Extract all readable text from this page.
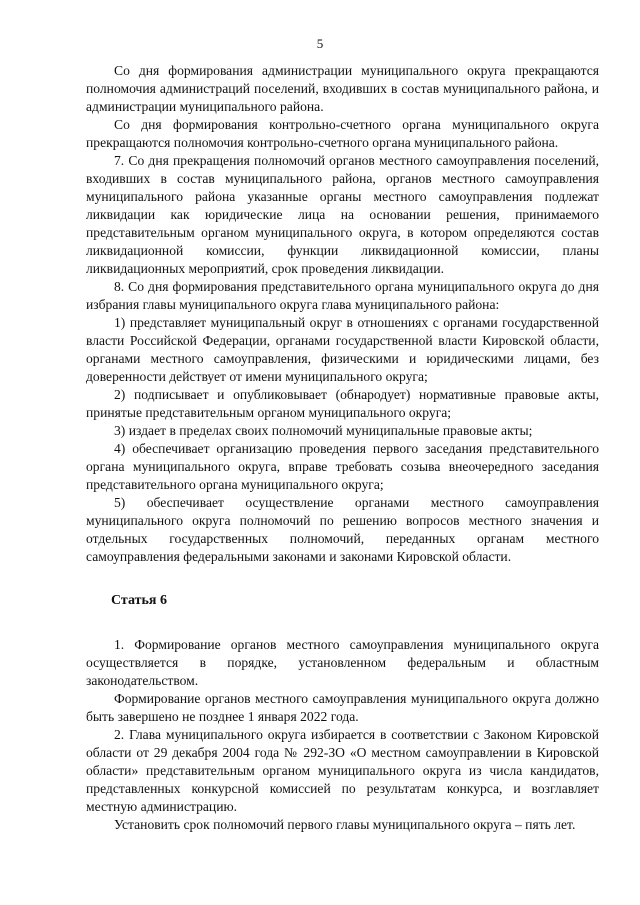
5

Со дня формирования администрации муниципального округа прекращаются полномочия администраций поселений, входивших в состав муниципального района, и администрации муниципального района.

Со дня формирования контрольно-счетного органа муниципального округа прекращаются полномочия контрольно-счетного органа муниципального района.

7. Со дня прекращения полномочий органов местного самоуправления поселений, входивших в состав муниципального района, органов местного самоуправления муниципального района указанные органы местного самоуправления подлежат ликвидации как юридические лица на основании решения, принимаемого представительным органом муниципального округа, в котором определяются состав ликвидационной комиссии, функции ликвидационной комиссии, планы ликвидационных мероприятий, срок проведения ликвидации.

8. Со дня формирования представительного органа муниципального округа до дня избрания главы муниципального округа глава муниципального района:

1) представляет муниципальный округ в отношениях с органами государственной власти Российской Федерации, органами государственной власти Кировской области, органами местного самоуправления, физическими и юридическими лицами, без доверенности действует от имени муниципального округа;

2) подписывает и опубликовывает (обнародует) нормативные правовые акты, принятые представительным органом муниципального округа;

3) издает в пределах своих полномочий муниципальные правовые акты;

4) обеспечивает организацию проведения первого заседания представительного органа муниципального округа, вправе требовать созыва внеочередного заседания представительного органа муниципального округа;

5) обеспечивает осуществление органами местного самоуправления муниципального округа полномочий по решению вопросов местного значения и отдельных государственных полномочий, переданных органам местного самоуправления федеральными законами и законами Кировской области.

Статья 6

1. Формирование органов местного самоуправления муниципального округа осуществляется в порядке, установленном федеральным и областным законодательством.

Формирование органов местного самоуправления муниципального округа должно быть завершено не позднее 1 января 2022 года.

2. Глава муниципального округа избирается в соответствии с Законом Кировской области от 29 декабря 2004 года № 292-ЗО «О местном самоуправлении в Кировской области» представительным органом муниципального округа из числа кандидатов, представленных конкурсной комиссией по результатам конкурса, и возглавляет местную администрацию.

Установить срок полномочий первого главы муниципального округа – пять лет.
